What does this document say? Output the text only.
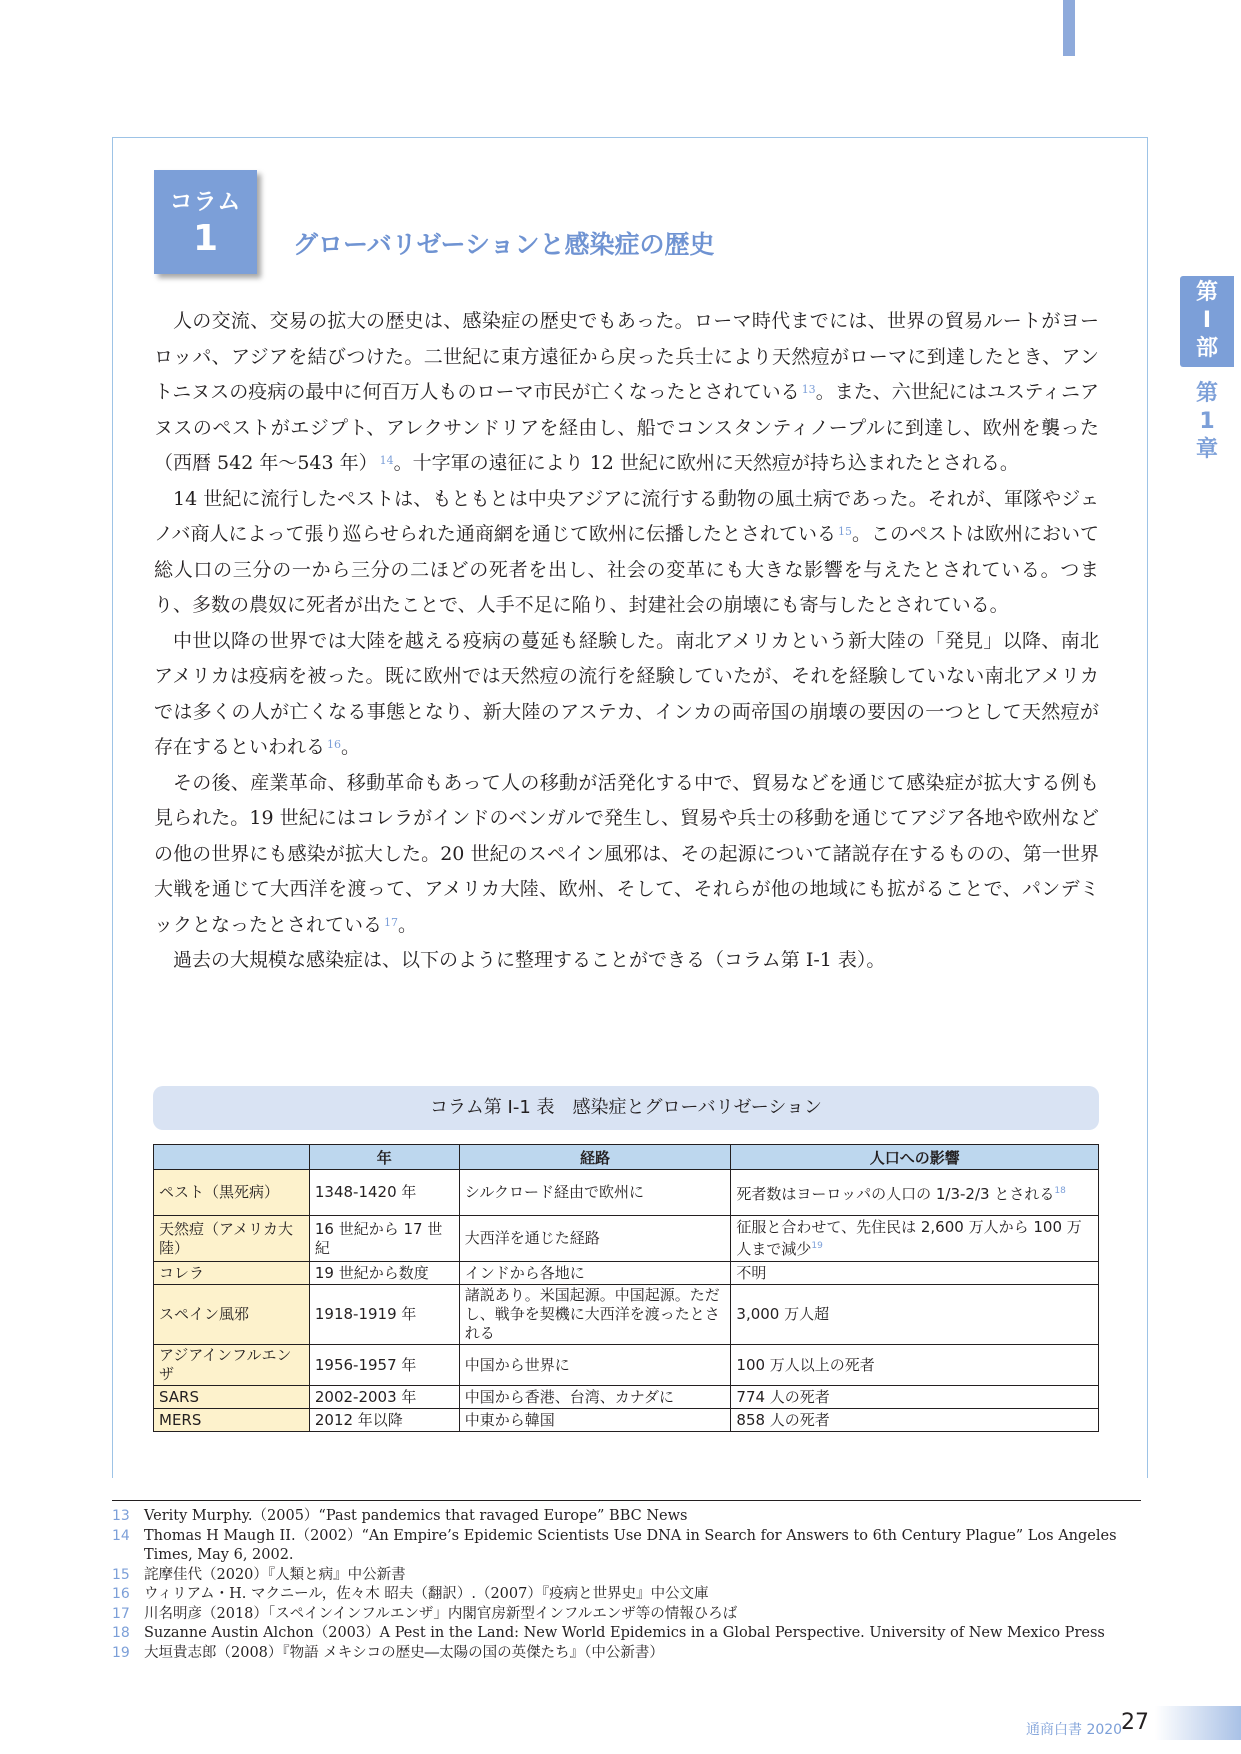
コラム
1	グローバリゼーションと感染症の歴史
第
I
部
第
1
章

人の交流、交易の拡大の歴史は、感染症の歴史でもあった。ローマ時代までには、世界の貿易ルートがヨーロッパ、アジアを結びつけた。二世紀に東方遠征から戻った兵士により天然痘がローマに到達したとき、アントニヌスの疫病の最中に何百万人ものローマ市民が亡くなったとされている $^{13}$。また、六世紀にはユスティニアヌスのペストがエジプト、アレクサンドリアを経由し、船でコンスタンティノープルに到達し、欧州を襲った（西暦 542 年〜543 年） $^{14}$。十字軍の遠征により 12 世紀に欧州に天然痘が持ち込まれたとされる。

14 世紀に流行したペストは、もともとは中央アジアに流行する動物の風土病であった。それが、軍隊やジェノバ商人によって張り巡らせられた通商網を通じて欧州に伝播したとされている $^{15}$。このペストは欧州において総人口の三分の一から三分の二ほどの死者を出し、社会の変革にも大きな影響を与えたとされている。つまり、多数の農奴に死者が出たことで、人手不足に陥り、封建社会の崩壊にも寄与したとされている。

中世以降の世界では大陸を越える疫病の蔓延も経験した。南北アメリカという新大陸の「発見」以降、南北アメリカは疫病を被った。既に欧州では天然痘の流行を経験していたが、それを経験していない南北アメリカでは多くの人が亡くなる事態となり、新大陸のアステカ、インカの両帝国の崩壊の要因の一つとして天然痘が存在するといわれる $^{16}$。

その後、産業革命、移動革命もあって人の移動が活発化する中で、貿易などを通じて感染症が拡大する例も見られた。19 世紀にはコレラがインドのベンガルで発生し、貿易や兵士の移動を通じてアジア各地や欧州などの他の世界にも感染が拡大した。20 世紀のスペイン風邪は、その起源について諸説存在するものの、第一世界大戦を通じて大西洋を渡って、アメリカ大陸、欧州、そして、それらが他の地域にも拡がることで、パンデミックとなったとされている $^{17}$。

過去の大規模な感染症は、以下のように整理することができる（コラム第 I-1 表）。

コラム第 I-1 表　感染症とグローバリゼーション
	年	経路	人口への影響
ペスト（黒死病）	1348-1420 年	シルクロード経由で欧州に	死者数はヨーロッパの人口の 1/3-2/3 とされる$^{18}$
天然痘（アメリカ大陸）	16 世紀から 17 世紀	大西洋を通じた経路	征服と合わせて、先住民は 2,600 万人から 100 万人まで減少$^{19}$
コレラ	19 世紀から数度	インドから各地に	不明
スペイン風邪	1918-1919 年	諸説あり。米国起源。中国起源。ただし、戦争を契機に大西洋を渡ったとされる	3,000 万人超
アジアインフルエンザ	1956-1957 年	中国から世界に	100 万人以上の死者
SARS	2002-2003 年	中国から香港、台湾、カナダに	774 人の死者
MERS	2012 年以降	中東から韓国	858 人の死者
13 Verity Murphy.（2005）“Past pandemics that ravaged Europe” BBC News
14 Thomas H Maugh II.（2002）“An Empire’s Epidemic Scientists Use DNA in Search for Answers to 6th Century Plague” Los Angeles Times, May 6, 2002.
15 詫摩佳代（2020）『人類と病』中公新書
16 ウィリアム・H. マクニール，佐々木 昭夫（翻訳）.（2007）『疫病と世界史』中公文庫
17 川名明彦（2018）「スペインインフルエンザ」内閣官房新型インフルエンザ等の情報ひろば
18 Suzanne Austin Alchon（2003）A Pest in the Land: New World Epidemics in a Global Perspective. University of New Mexico Press
19 大垣貴志郎（2008）『物語 メキシコの歴史―太陽の国の英傑たち』（中公新書）
通商白書 2020
27
